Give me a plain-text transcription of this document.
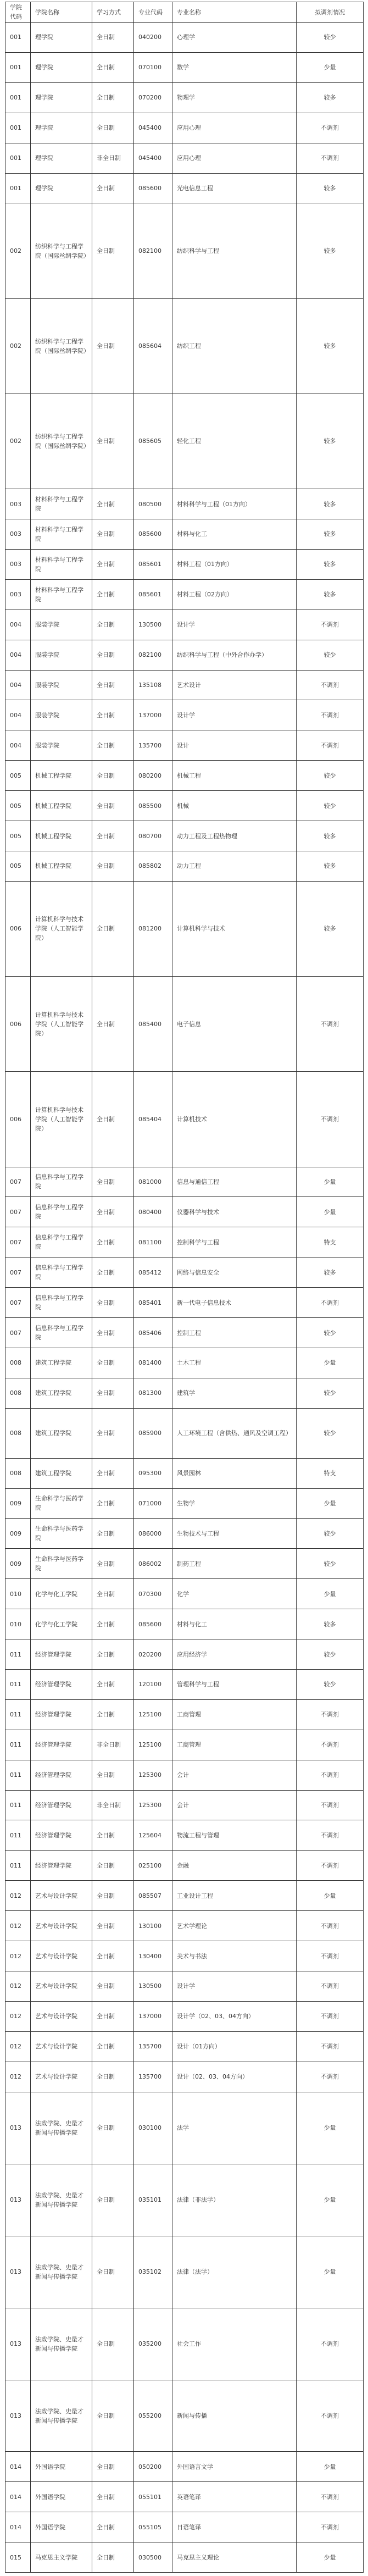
学院代码	学院名称	学习方式	专业代码	专业名称	拟调剂情况
001	理学院	全日制	040200	心理学	较少
001	理学院	全日制	070100	数学	少量
001	理学院	全日制	070200	物理学	较多
001	理学院	全日制	045400	应用心理	不调剂
001	理学院	非全日制	045400	应用心理	不调剂
001	理学院	全日制	085600	光电信息工程	较多
002	纺织科学与工程学院（国际丝绸学院）	全日制	082100	纺织科学与工程	较多
002	纺织科学与工程学院（国际丝绸学院）	全日制	085604	纺织工程	较多
002	纺织科学与工程学院（国际丝绸学院）	全日制	085605	轻化工程	较多
003	材料科学与工程学院	全日制	080500	材料科学与工程（01方向）	较多
003	材料科学与工程学院	全日制	085600	材料与化工	较多
003	材料科学与工程学院	全日制	085601	材料工程（01方向）	较多
003	材料科学与工程学院	全日制	085601	材料工程（02方向）	较多
004	服装学院	全日制	130500	设计学	不调剂
004	服装学院	全日制	082100	纺织科学与工程（中外合作办学）	较少
004	服装学院	全日制	135108	艺术设计	不调剂
004	服装学院	全日制	137000	设计学	不调剂
004	服装学院	全日制	135700	设计	不调剂
005	机械工程学院	全日制	080200	机械工程	较少
005	机械工程学院	全日制	085500	机械	较少
005	机械工程学院	全日制	080700	动力工程及工程热物理	较多
005	机械工程学院	全日制	085802	动力工程	较多
006	计算机科学与技术学院（人工智能学院）	全日制	081200	计算机科学与技术	较多
006	计算机科学与技术学院（人工智能学院）	全日制	085400	电子信息	不调剂
006	计算机科学与技术学院（人工智能学院）	全日制	085404	计算机技术	不调剂
007	信息科学与工程学院	全日制	081000	信息与通信工程	少量
007	信息科学与工程学院	全日制	080400	仪器科学与技术	少量
007	信息科学与工程学院	全日制	081100	控制科学与工程	特支
007	信息科学与工程学院	全日制	085412	网络与信息安全	较多
007	信息科学与工程学院	全日制	085401	新一代电子信息技术	不调剂
007	信息科学与工程学院	全日制	085406	控制工程	较少
008	建筑工程学院	全日制	081400	土木工程	少量
008	建筑工程学院	全日制	081300	建筑学	较少
008	建筑工程学院	全日制	085900	人工环境工程（含供热、通风及空调工程）	较少
008	建筑工程学院	全日制	095300	风景园林	特支
009	生命科学与医药学院	全日制	071000	生物学	少量
009	生命科学与医药学院	全日制	086000	生物技术与工程	较少
009	生命科学与医药学院	全日制	086002	制药工程	较少
010	化学与化工学院	全日制	070300	化学	少量
010	化学与化工学院	全日制	085600	材料与化工	较多
011	经济管理学院	全日制	020200	应用经济学	较少
011	经济管理学院	全日制	120100	管理科学与工程	较少
011	经济管理学院	全日制	125100	工商管理	不调剂
011	经济管理学院	非全日制	125100	工商管理	不调剂
011	经济管理学院	全日制	125300	会计	不调剂
011	经济管理学院	非全日制	125300	会计	不调剂
011	经济管理学院	全日制	125604	物流工程与管理	不调剂
011	经济管理学院	全日制	025100	金融	不调剂
012	艺术与设计学院	全日制	085507	工业设计工程	少量
012	艺术与设计学院	全日制	130100	艺术学理论	不调剂
012	艺术与设计学院	全日制	130400	美术与书法	不调剂
012	艺术与设计学院	全日制	130500	设计学	不调剂
012	艺术与设计学院	全日制	137000	设计学（02、03、04方向）	不调剂
012	艺术与设计学院	全日制	135700	设计（01方向）	不调剂
012	艺术与设计学院	全日制	135700	设计（02、03、04方向）	不调剂
013	法政学院、史量才新闻与传播学院	全日制	030100	法学	少量
013	法政学院、史量才新闻与传播学院	全日制	035101	法律（非法学）	少量
013	法政学院、史量才新闻与传播学院	全日制	035102	法律（法学）	少量
013	法政学院、史量才新闻与传播学院	全日制	035200	社会工作	不调剂
013	法政学院、史量才新闻与传播学院	全日制	055200	新闻与传播	不调剂
014	外国语学院	全日制	050200	外国语言文学	少量
014	外国语学院	全日制	055101	英语笔译	不调剂
014	外国语学院	全日制	055105	日语笔译	不调剂
015	马克思主义学院	全日制	030500	马克思主义理论	少量
